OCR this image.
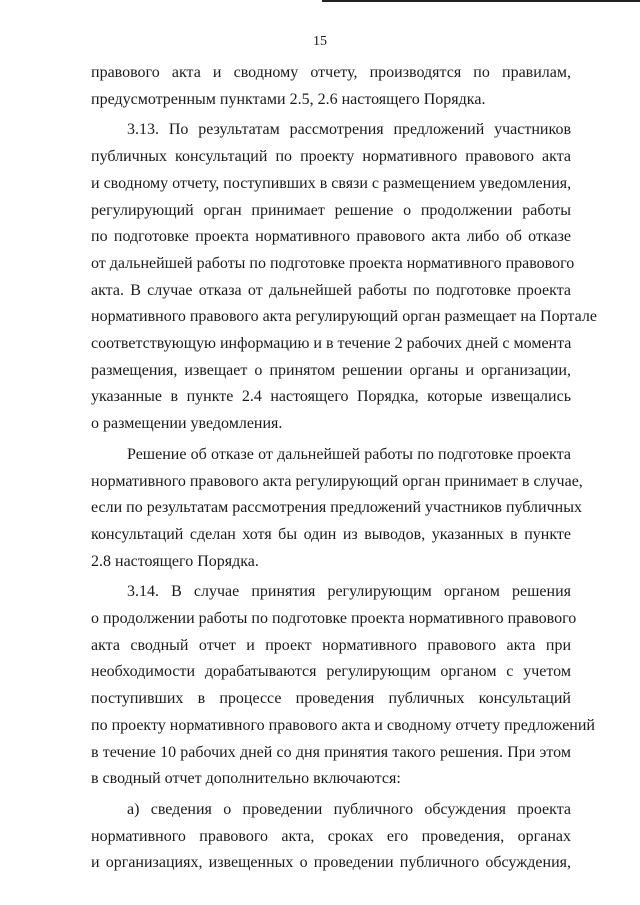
15
правового акта и сводному отчету, производятся по правилам,
предусмотренным пунктами 2.5, 2.6 настоящего Порядка.
3.13. По результатам рассмотрения предложений участников
публичных консультаций по проекту нормативного правового акта
и сводному отчету, поступивших в связи с размещением уведомления,
регулирующий орган принимает решение о продолжении работы
по подготовке проекта нормативного правового акта либо об отказе
от дальнейшей работы по подготовке проекта нормативного правового
акта. В случае отказа от дальнейшей работы по подготовке проекта
нормативного правового акта регулирующий орган размещает на Портале
соответствующую информацию и в течение 2 рабочих дней с момента
размещения, извещает о принятом решении органы и организации,
указанные в пункте 2.4 настоящего Порядка, которые извещались
о размещении уведомления.
Решение об отказе от дальнейшей работы по подготовке проекта
нормативного правового акта регулирующий орган принимает в случае,
если по результатам рассмотрения предложений участников публичных
консультаций сделан хотя бы один из выводов, указанных в пункте
2.8 настоящего Порядка.
3.14. В случае принятия регулирующим органом решения
о продолжении работы по подготовке проекта нормативного правового
акта сводный отчет и проект нормативного правового акта при
необходимости дорабатываются регулирующим органом с учетом
поступивших в процессе проведения публичных консультаций
по проекту нормативного правового акта и сводному отчету предложений
в течение 10 рабочих дней со дня принятия такого решения. При этом
в сводный отчет дополнительно включаются:
а) сведения о проведении публичного обсуждения проекта
нормативного правового акта, сроках его проведения, органах
и организациях, извещенных о проведении публичного обсуждения,
